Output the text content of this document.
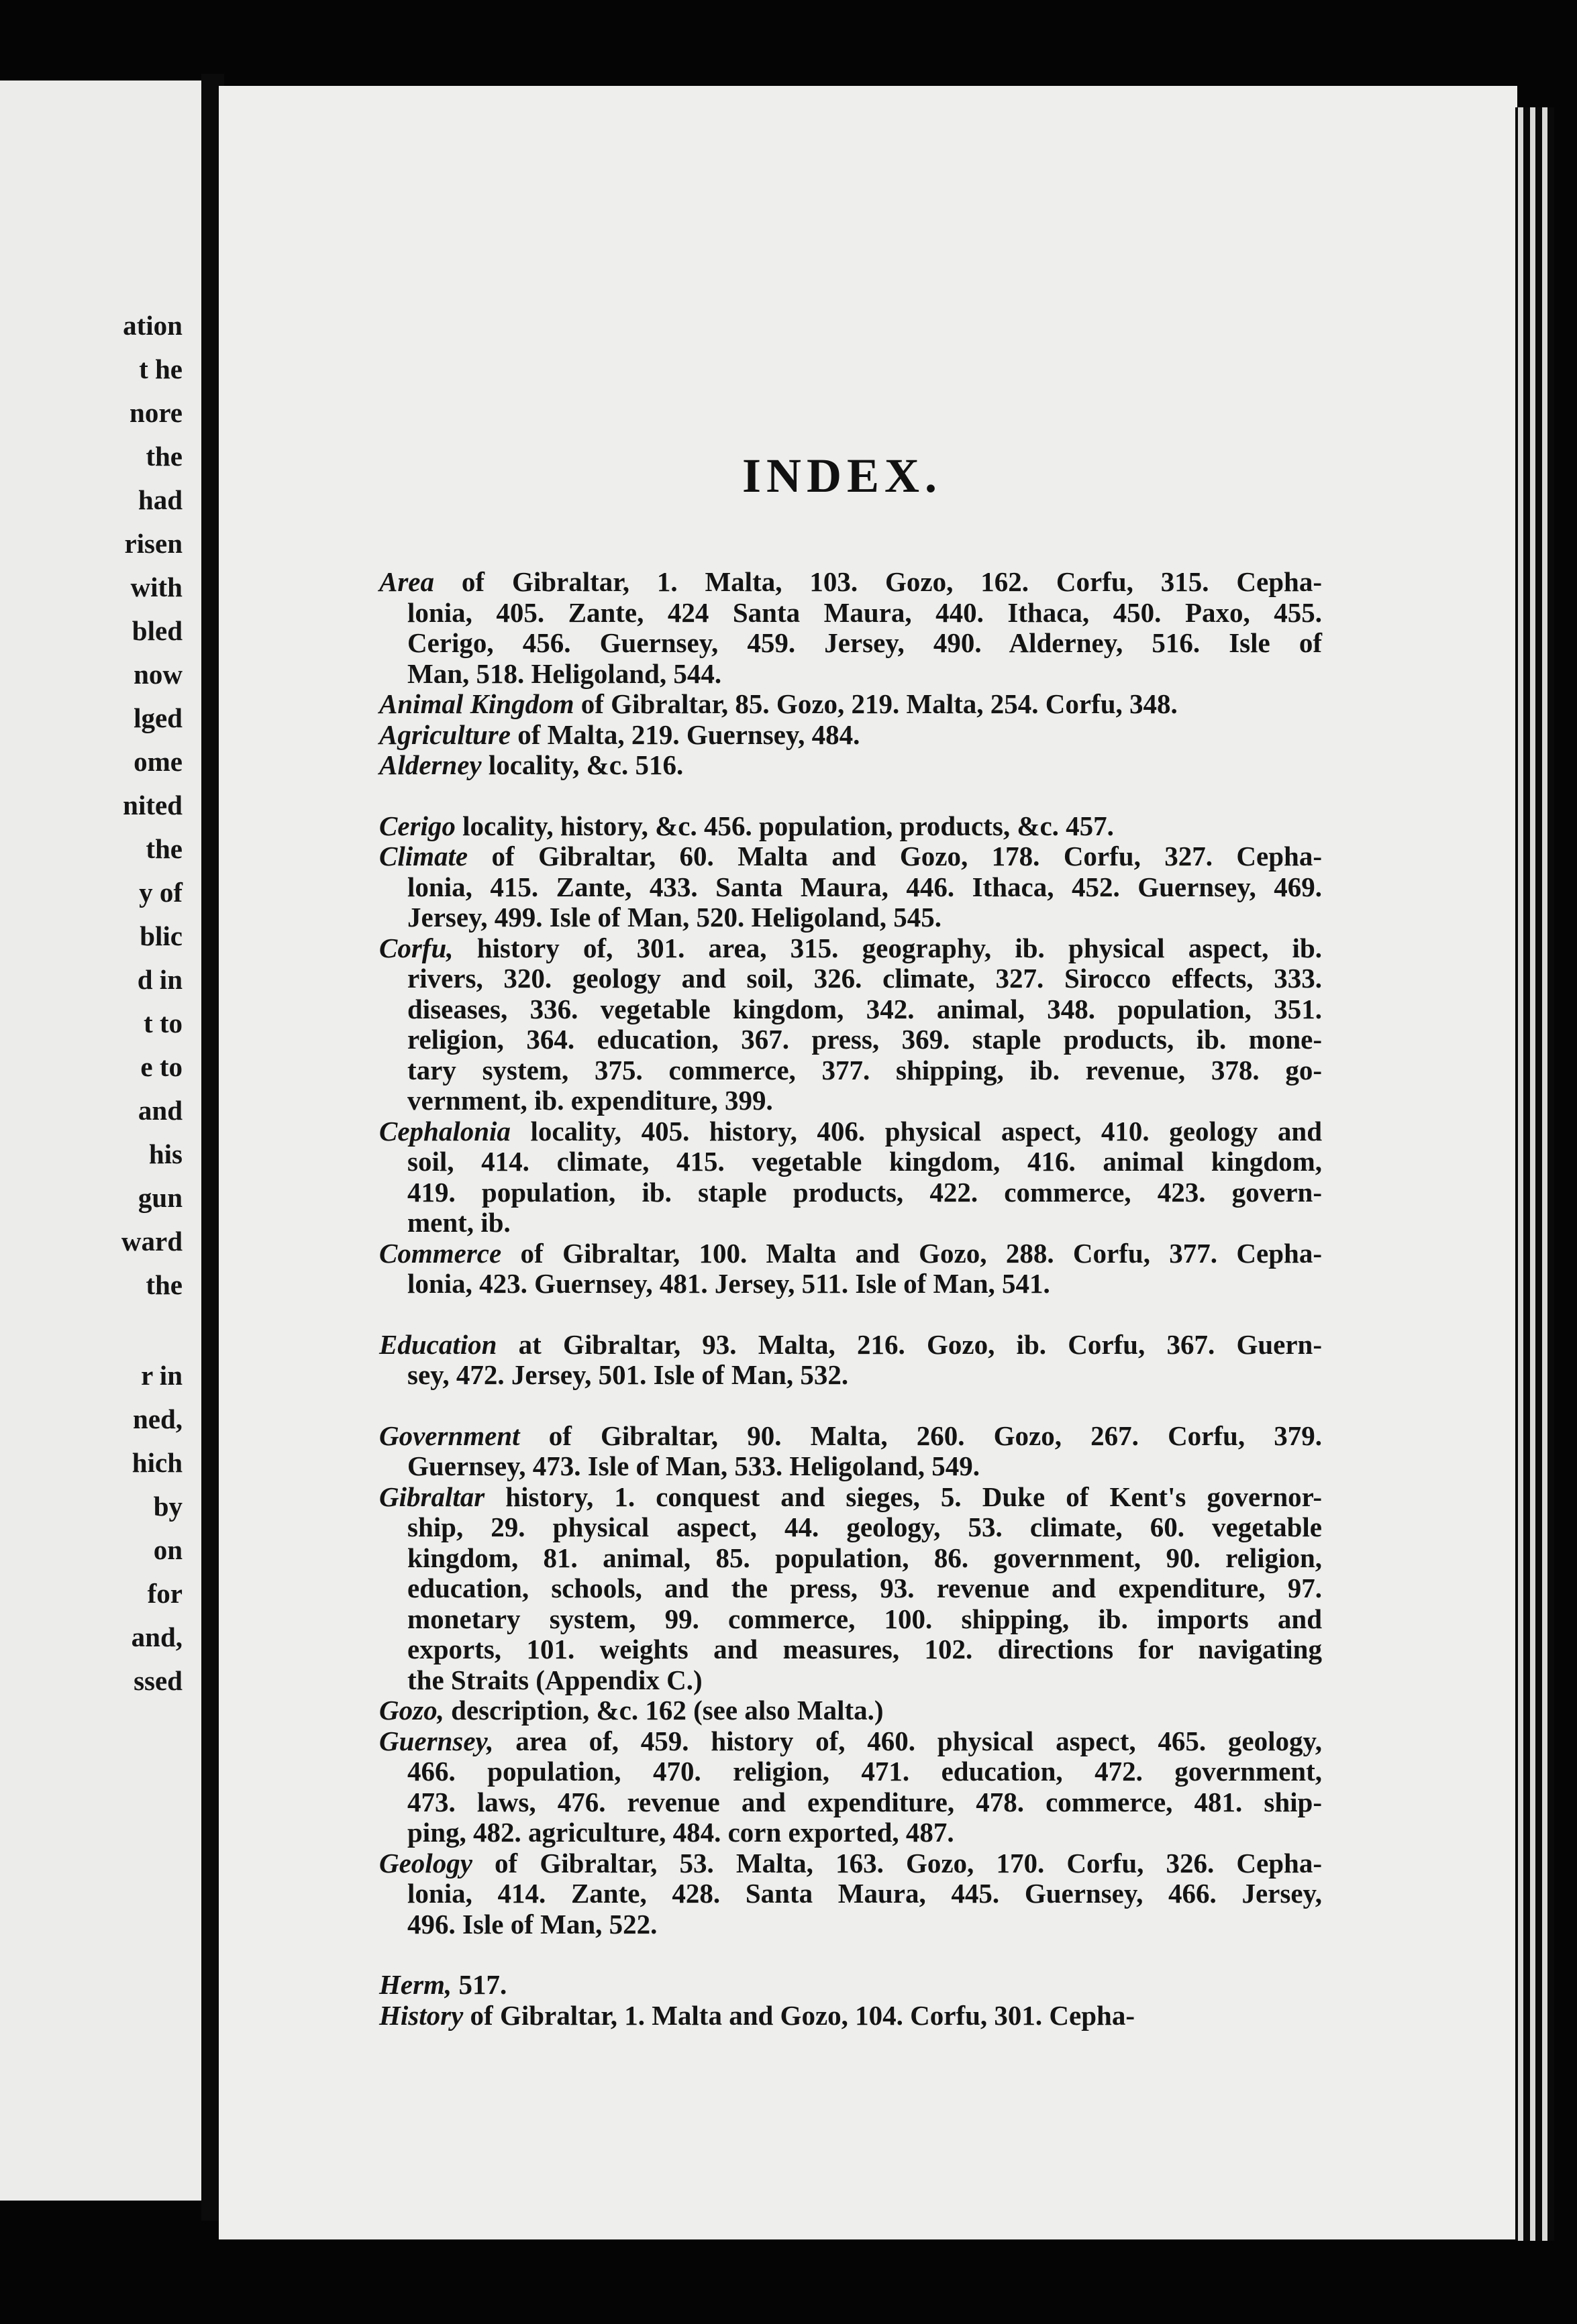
ation
t he
nore
the
had
risen
with
bled
now
lged
ome
nited
the
y of
blic
d in
t to
e to
and
his
gun
ward
the
r in
ned,
hich
by
on
for
and,
ssed
INDEX.
Area of Gibraltar, 1. Malta, 103. Gozo, 162. Corfu, 315. Cepha-
lonia, 405. Zante, 424 Santa Maura, 440. Ithaca, 450. Paxo, 455.
Cerigo, 456. Guernsey, 459. Jersey, 490. Alderney, 516. Isle of
Man, 518. Heligoland, 544.
Animal Kingdom of Gibraltar, 85. Gozo, 219. Malta, 254. Corfu, 348.
Agriculture of Malta, 219. Guernsey, 484.
Alderney locality, &c. 516.
Cerigo locality, history, &c. 456. population, products, &c. 457.
Climate of Gibraltar, 60. Malta and Gozo, 178. Corfu, 327. Cepha-
lonia, 415. Zante, 433. Santa Maura, 446. Ithaca, 452. Guernsey, 469.
Jersey, 499. Isle of Man, 520. Heligoland, 545.
Corfu, history of, 301. area, 315. geography, ib. physical aspect, ib.
rivers, 320. geology and soil, 326. climate, 327. Sirocco effects, 333.
diseases, 336. vegetable kingdom, 342. animal, 348. population, 351.
religion, 364. education, 367. press, 369. staple products, ib. mone-
tary system, 375. commerce, 377. shipping, ib. revenue, 378. go-
vernment, ib. expenditure, 399.
Cephalonia locality, 405. history, 406. physical aspect, 410. geology and
soil, 414. climate, 415. vegetable kingdom, 416. animal kingdom,
419. population, ib. staple products, 422. commerce, 423. govern-
ment, ib.
Commerce of Gibraltar, 100. Malta and Gozo, 288. Corfu, 377. Cepha-
lonia, 423. Guernsey, 481. Jersey, 511. Isle of Man, 541.
Education at Gibraltar, 93. Malta, 216. Gozo, ib. Corfu, 367. Guern-
sey, 472. Jersey, 501. Isle of Man, 532.
Government of Gibraltar, 90. Malta, 260. Gozo, 267. Corfu, 379.
Guernsey, 473. Isle of Man, 533. Heligoland, 549.
Gibraltar history, 1. conquest and sieges, 5. Duke of Kent's governor-
ship, 29. physical aspect, 44. geology, 53. climate, 60. vegetable
kingdom, 81. animal, 85. population, 86. government, 90. religion,
education, schools, and the press, 93. revenue and expenditure, 97.
monetary system, 99. commerce, 100. shipping, ib. imports and
exports, 101. weights and measures, 102. directions for navigating
the Straits (Appendix C.)
Gozo, description, &c. 162 (see also Malta.)
Guernsey, area of, 459. history of, 460. physical aspect, 465. geology,
466. population, 470. religion, 471. education, 472. government,
473. laws, 476. revenue and expenditure, 478. commerce, 481. ship-
ping, 482. agriculture, 484. corn exported, 487.
Geology of Gibraltar, 53. Malta, 163. Gozo, 170. Corfu, 326. Cepha-
lonia, 414. Zante, 428. Santa Maura, 445. Guernsey, 466. Jersey,
496. Isle of Man, 522.
Herm, 517.
History of Gibraltar, 1. Malta and Gozo, 104. Corfu, 301. Cepha-
